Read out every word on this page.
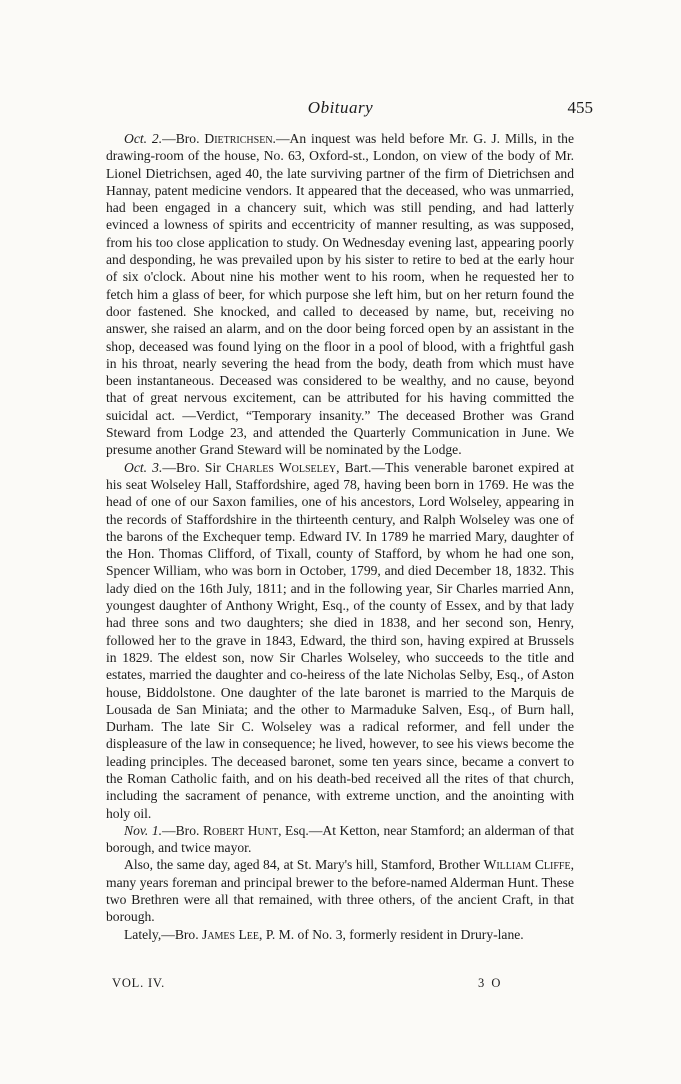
Obituary	455

Oct. 2.—Bro. Dietrichsen.—An inquest was held before Mr. G. J. Mills, in the drawing-room of the house, No. 63, Oxford-st., London, on view of the body of Mr. Lionel Dietrichsen, aged 40, the late surviving partner of the firm of Dietrichsen and Hannay, patent medicine vendors. It appeared that the deceased, who was unmarried, had been engaged in a chancery suit, which was still pending, and had latterly evinced a lowness of spirits and eccentricity of manner resulting, as was supposed, from his too close application to study. On Wednesday evening last, appearing poorly and desponding, he was prevailed upon by his sister to retire to bed at the early hour of six o'clock. About nine his mother went to his room, when he requested her to fetch him a glass of beer, for which purpose she left him, but on her return found the door fastened. She knocked, and called to deceased by name, but, receiving no answer, she raised an alarm, and on the door being forced open by an assistant in the shop, deceased was found lying on the floor in a pool of blood, with a frightful gash in his throat, nearly severing the head from the body, death from which must have been instantaneous. Deceased was considered to be wealthy, and no cause, beyond that of great nervous excitement, can be attributed for his having committed the suicidal act. —Verdict, “Temporary insanity.” The deceased Brother was Grand Steward from Lodge 23, and attended the Quarterly Communication in June. We presume another Grand Steward will be nominated by the Lodge.

Oct. 3.—Bro. Sir Charles Wolseley, Bart.—This venerable baronet expired at his seat Wolseley Hall, Staffordshire, aged 78, having been born in 1769. He was the head of one of our Saxon families, one of his ancestors, Lord Wolseley, appearing in the records of Staffordshire in the thirteenth century, and Ralph Wolseley was one of the barons of the Exchequer temp. Edward IV. In 1789 he married Mary, daughter of the Hon. Thomas Clifford, of Tixall, county of Stafford, by whom he had one son, Spencer William, who was born in October, 1799, and died December 18, 1832. This lady died on the 16th July, 1811; and in the following year, Sir Charles married Ann, youngest daughter of Anthony Wright, Esq., of the county of Essex, and by that lady had three sons and two daughters; she died in 1838, and her second son, Henry, followed her to the grave in 1843, Edward, the third son, having expired at Brussels in 1829. The eldest son, now Sir Charles Wolseley, who succeeds to the title and estates, married the daughter and co-heiress of the late Nicholas Selby, Esq., of Aston house, Biddolstone. One daughter of the late baronet is married to the Marquis de Lousada de San Miniata; and the other to Marmaduke Salven, Esq., of Burn hall, Durham. The late Sir C. Wolseley was a radical reformer, and fell under the displeasure of the law in consequence; he lived, however, to see his views become the leading principles. The deceased baronet, some ten years since, became a convert to the Roman Catholic faith, and on his death-bed received all the rites of that church, including the sacrament of penance, with extreme unction, and the anointing with holy oil.

Nov. 1.—Bro. Robert Hunt, Esq.—At Ketton, near Stamford; an alderman of that borough, and twice mayor.

Also, the same day, aged 84, at St. Mary's hill, Stamford, Brother William Cliffe, many years foreman and principal brewer to the before-named Alderman Hunt. These two Brethren were all that remained, with three others, of the ancient Craft, in that borough.

Lately,—Bro. James Lee, P. M. of No. 3, formerly resident in Drury-lane.

VOL. IV.	3 O
